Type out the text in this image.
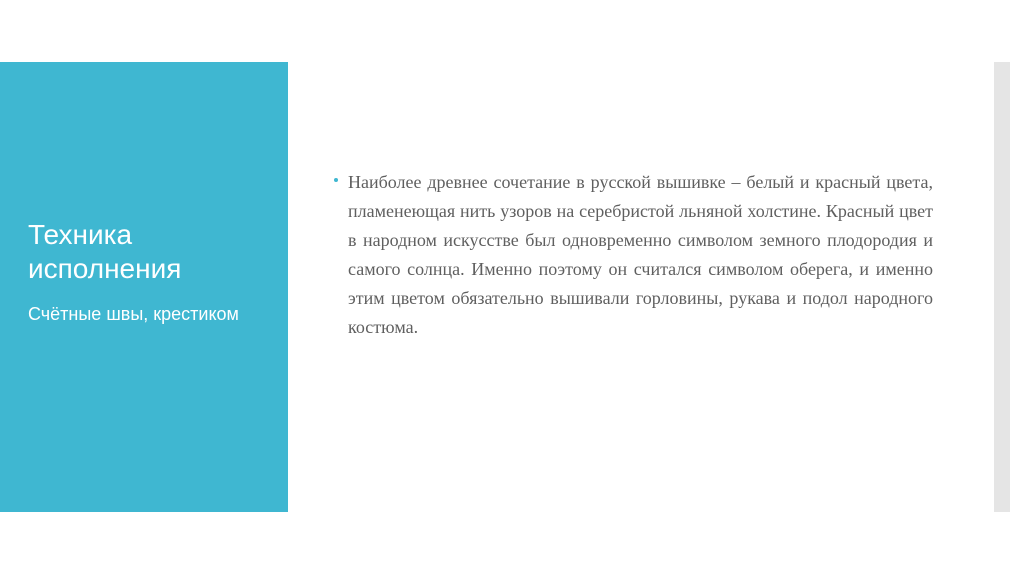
Техника исполнения
Счётные швы, крестиком
Наиболее древнее сочетание в русской вышивке – белый и красный цвета, пламенеющая нить узоров на серебристой льняной холстине. Красный цвет в народном искусстве был одновременно символом земного плодородия и самого солнца. Именно поэтому он считался символом оберега, и именно этим цветом обязательно вышивали горловины, рукава и подол народного костюма.
